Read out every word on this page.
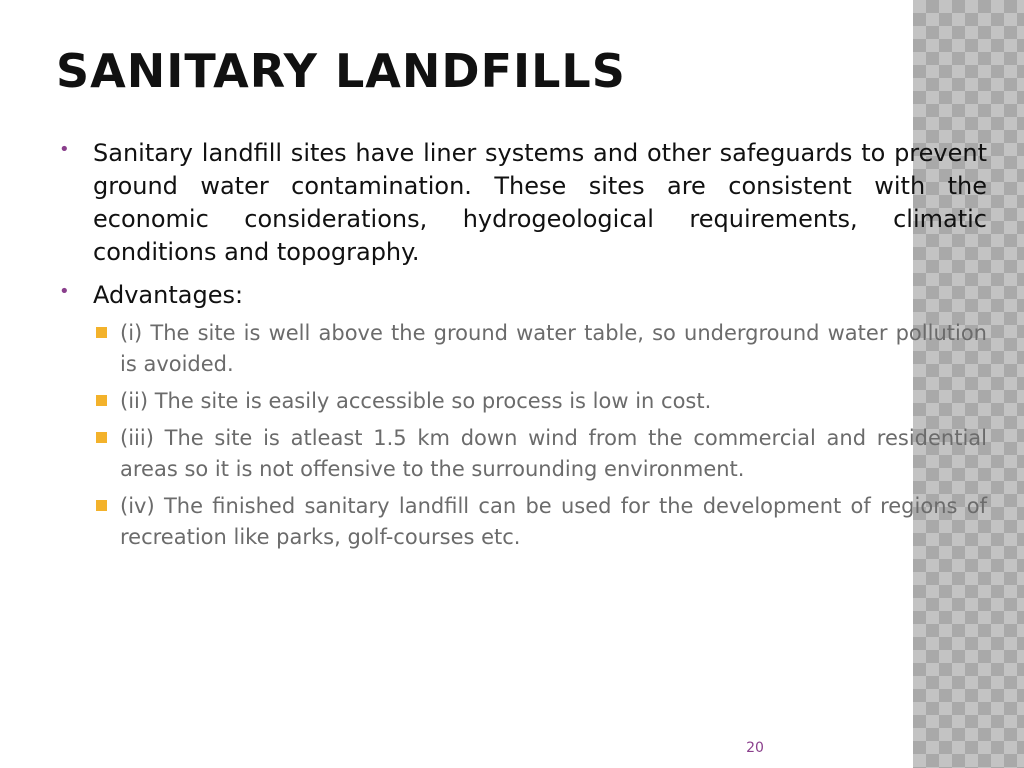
SANITARY LANDFILLS
• Sanitary landfill sites have liner systems and other safeguards to prevent ground water contamination. These sites are consistent with the economic considerations, hydrogeological requirements, climatic conditions and topography.
• Advantages:
(i) The site is well above the ground water table, so underground water pollution is avoided.
(ii) The site is easily accessible so process is low in cost.
(iii) The site is atleast 1.5 km down wind from the commercial and residential areas so it is not offensive to the surrounding environment.
(iv) The finished sanitary landfill can be used for the development of regions of recreation like parks, golf-courses etc.
20
